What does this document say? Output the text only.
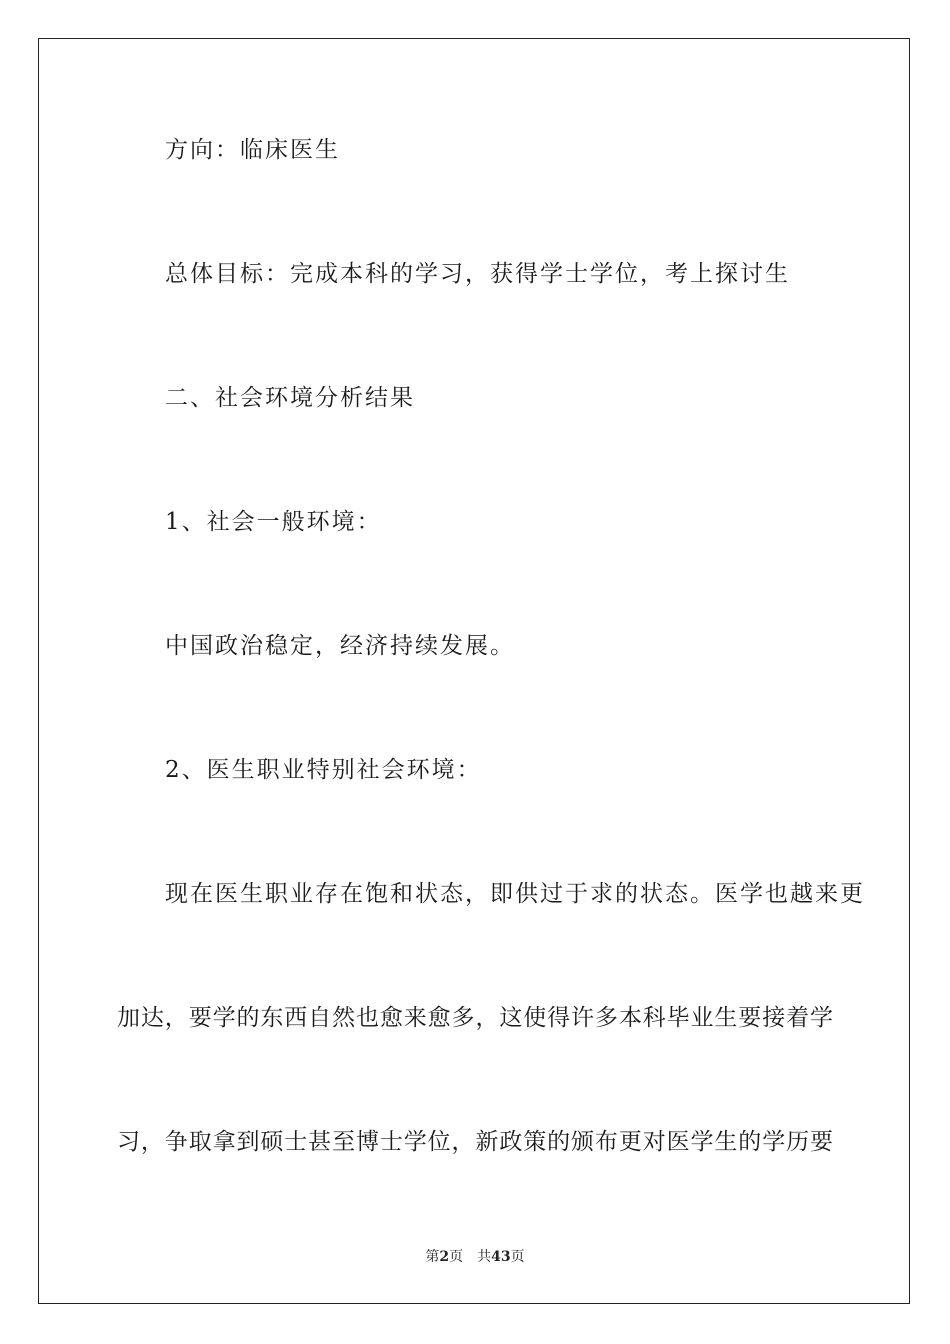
方向：临床医生
总体目标：完成本科的学习，获得学士学位，考上探讨生
二、社会环境分析结果
1、社会一般环境：
中国政治稳定，经济持续发展。
2、医生职业特别社会环境：
现在医生职业存在饱和状态，即供过于求的状态。医学也越来更
加达，要学的东西自然也愈来愈多，这使得许多本科毕业生要接着学
习，争取拿到硕士甚至博士学位，新政策的颁布更对医学生的学历要
第2页 共43页
